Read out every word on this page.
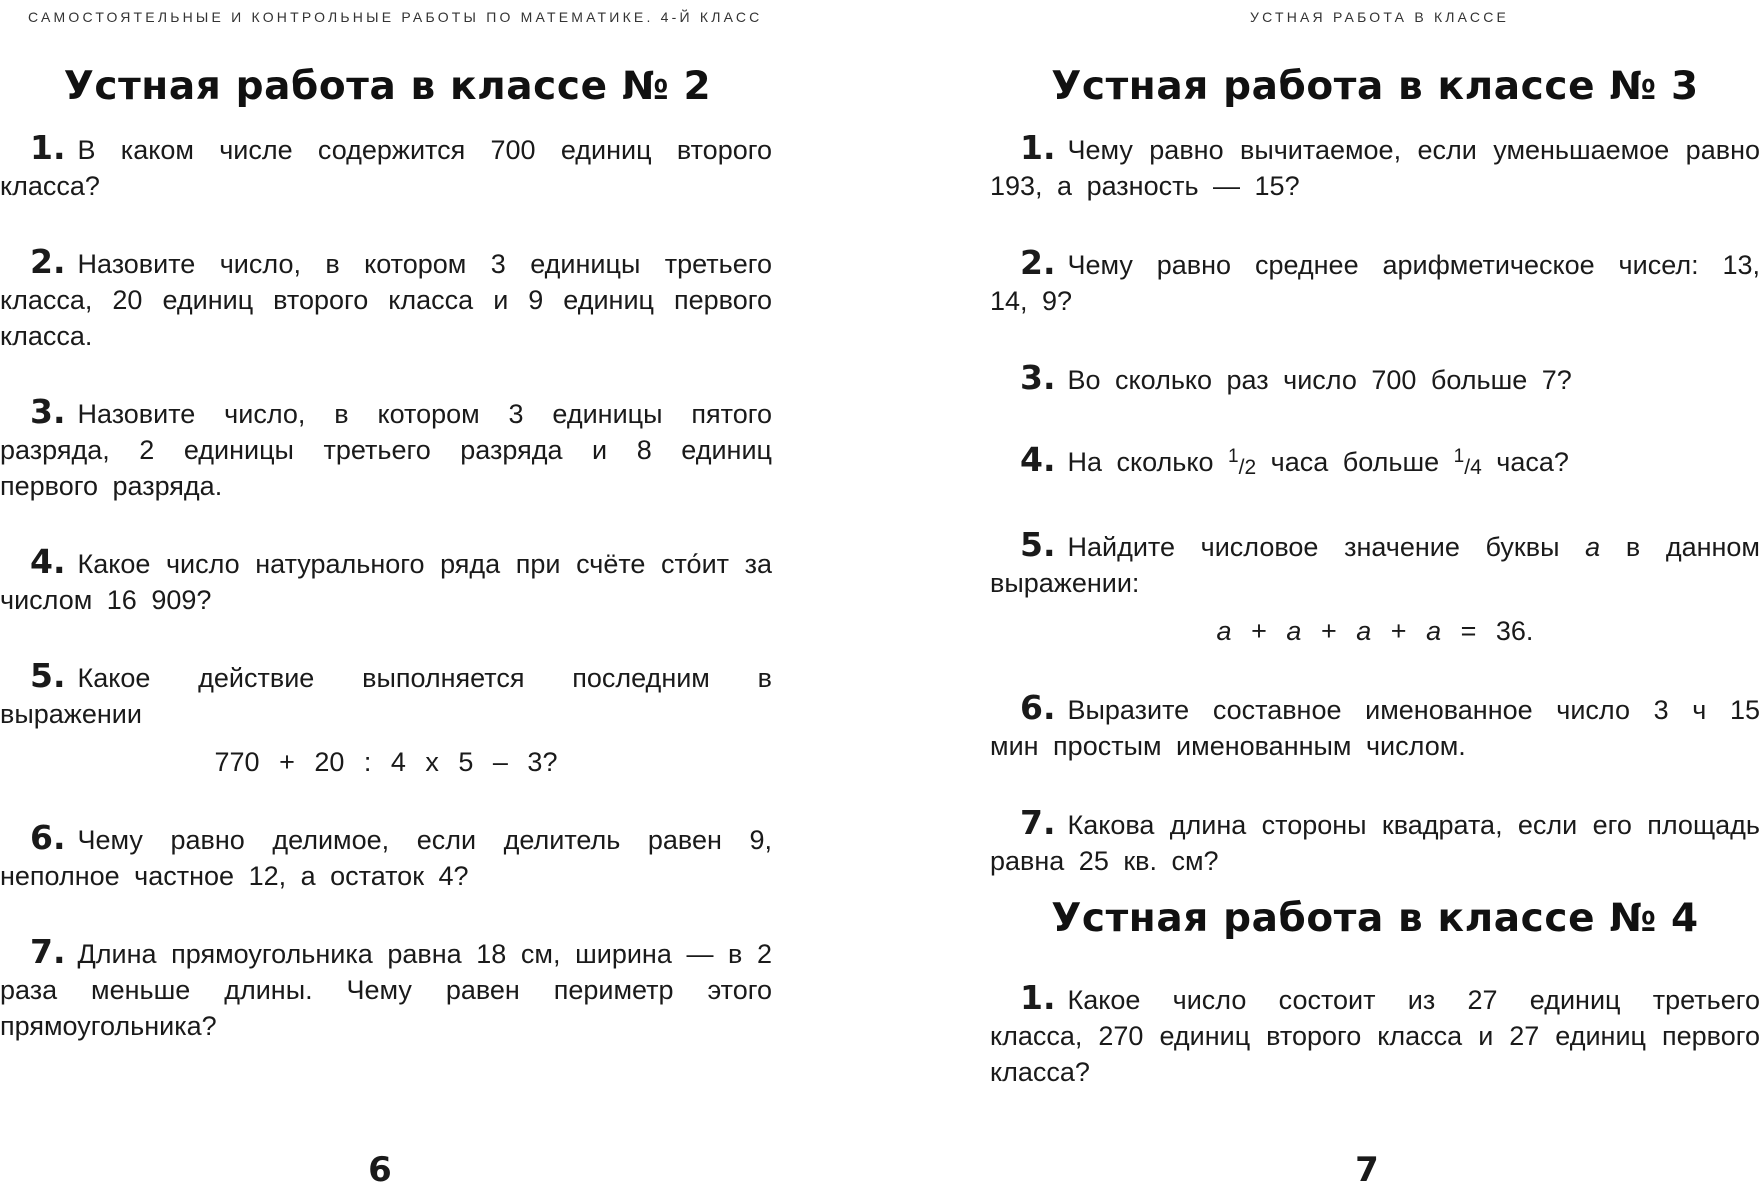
САМОСТОЯТЕЛЬНЫЕ И КОНТРОЛЬНЫЕ РАБОТЫ ПО МАТЕМАТИКЕ. 4-Й КЛАСС
Устная работа в классе № 2

1. В каком числе содержится 700 единиц второго класса?

2. Назовите число, в котором 3 единицы третьего класса, 20 единиц второго класса и 9 единиц первого класса.

3. Назовите число, в котором 3 единицы пятого разряда, 2 единицы третьего разряда и 8 единиц первого разряда.

4. Какое число натурального ряда при счёте сто́ит за числом 16 909?

5. Какое действие выполняется последним в выражении
770 + 20 : 4 х 5 – 3?

6. Чему равно делимое, если делитель равен 9, неполное частное 12, а остаток 4?

7. Длина прямоугольника равна 18 см, ширина — в 2 раза меньше длины. Чему равен периметр этого прямоугольника?

6
УСТНАЯ РАБОТА В КЛАССЕ
Устная работа в классе № 3

1. Чему равно вычитаемое, если уменьшаемое равно 193, а разность — 15?

2. Чему равно среднее арифметическое чисел: 13, 14, 9?

3. Во сколько раз число 700 больше 7?

4. На сколько $^1$/2 часа больше $^1$/4 часа?

5. Найдите числовое значение буквы а в данном выражении:
а + а + а + а = 36.

6. Выразите составное именованное число 3 ч 15 мин простым именованным числом.

7. Какова длина стороны квадрата, если его площадь равна 25 кв. см?

Устная работа в классе № 4

1. Какое число состоит из 27 единиц третьего класса, 270 единиц второго класса и 27 единиц первого класса?

7
